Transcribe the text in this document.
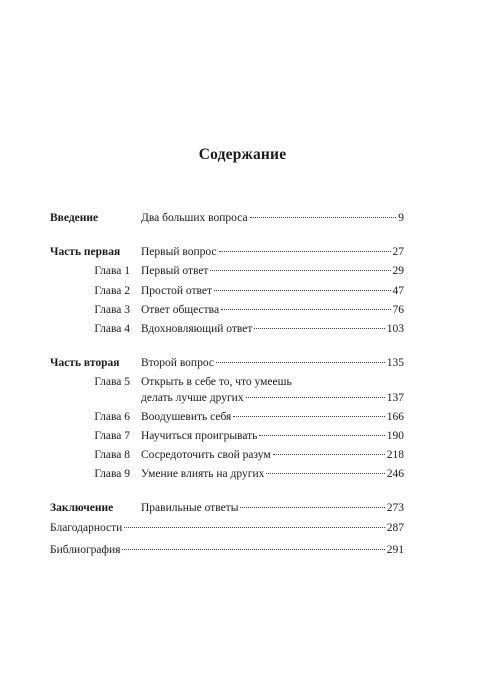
Содержание
Введение	Два больших вопроса	9
Часть первая	Первый вопрос	27
Глава 1 Первый ответ	29
Глава 2 Простой ответ	47
Глава 3 Ответ общества	76
Глава 4 Вдохновляющий ответ	103
Часть вторая	Второй вопрос	135
Глава 5 Открыть в себе то, что умеешь
делать лучше других	137
Глава 6 Воодушевить себя	166
Глава 7 Научиться проигрывать	190
Глава 8 Сосредоточить свой разум	218
Глава 9 Умение влиять на других	246
Заключение	Правильные ответы	273
Благодарности	287
Библиография	291
